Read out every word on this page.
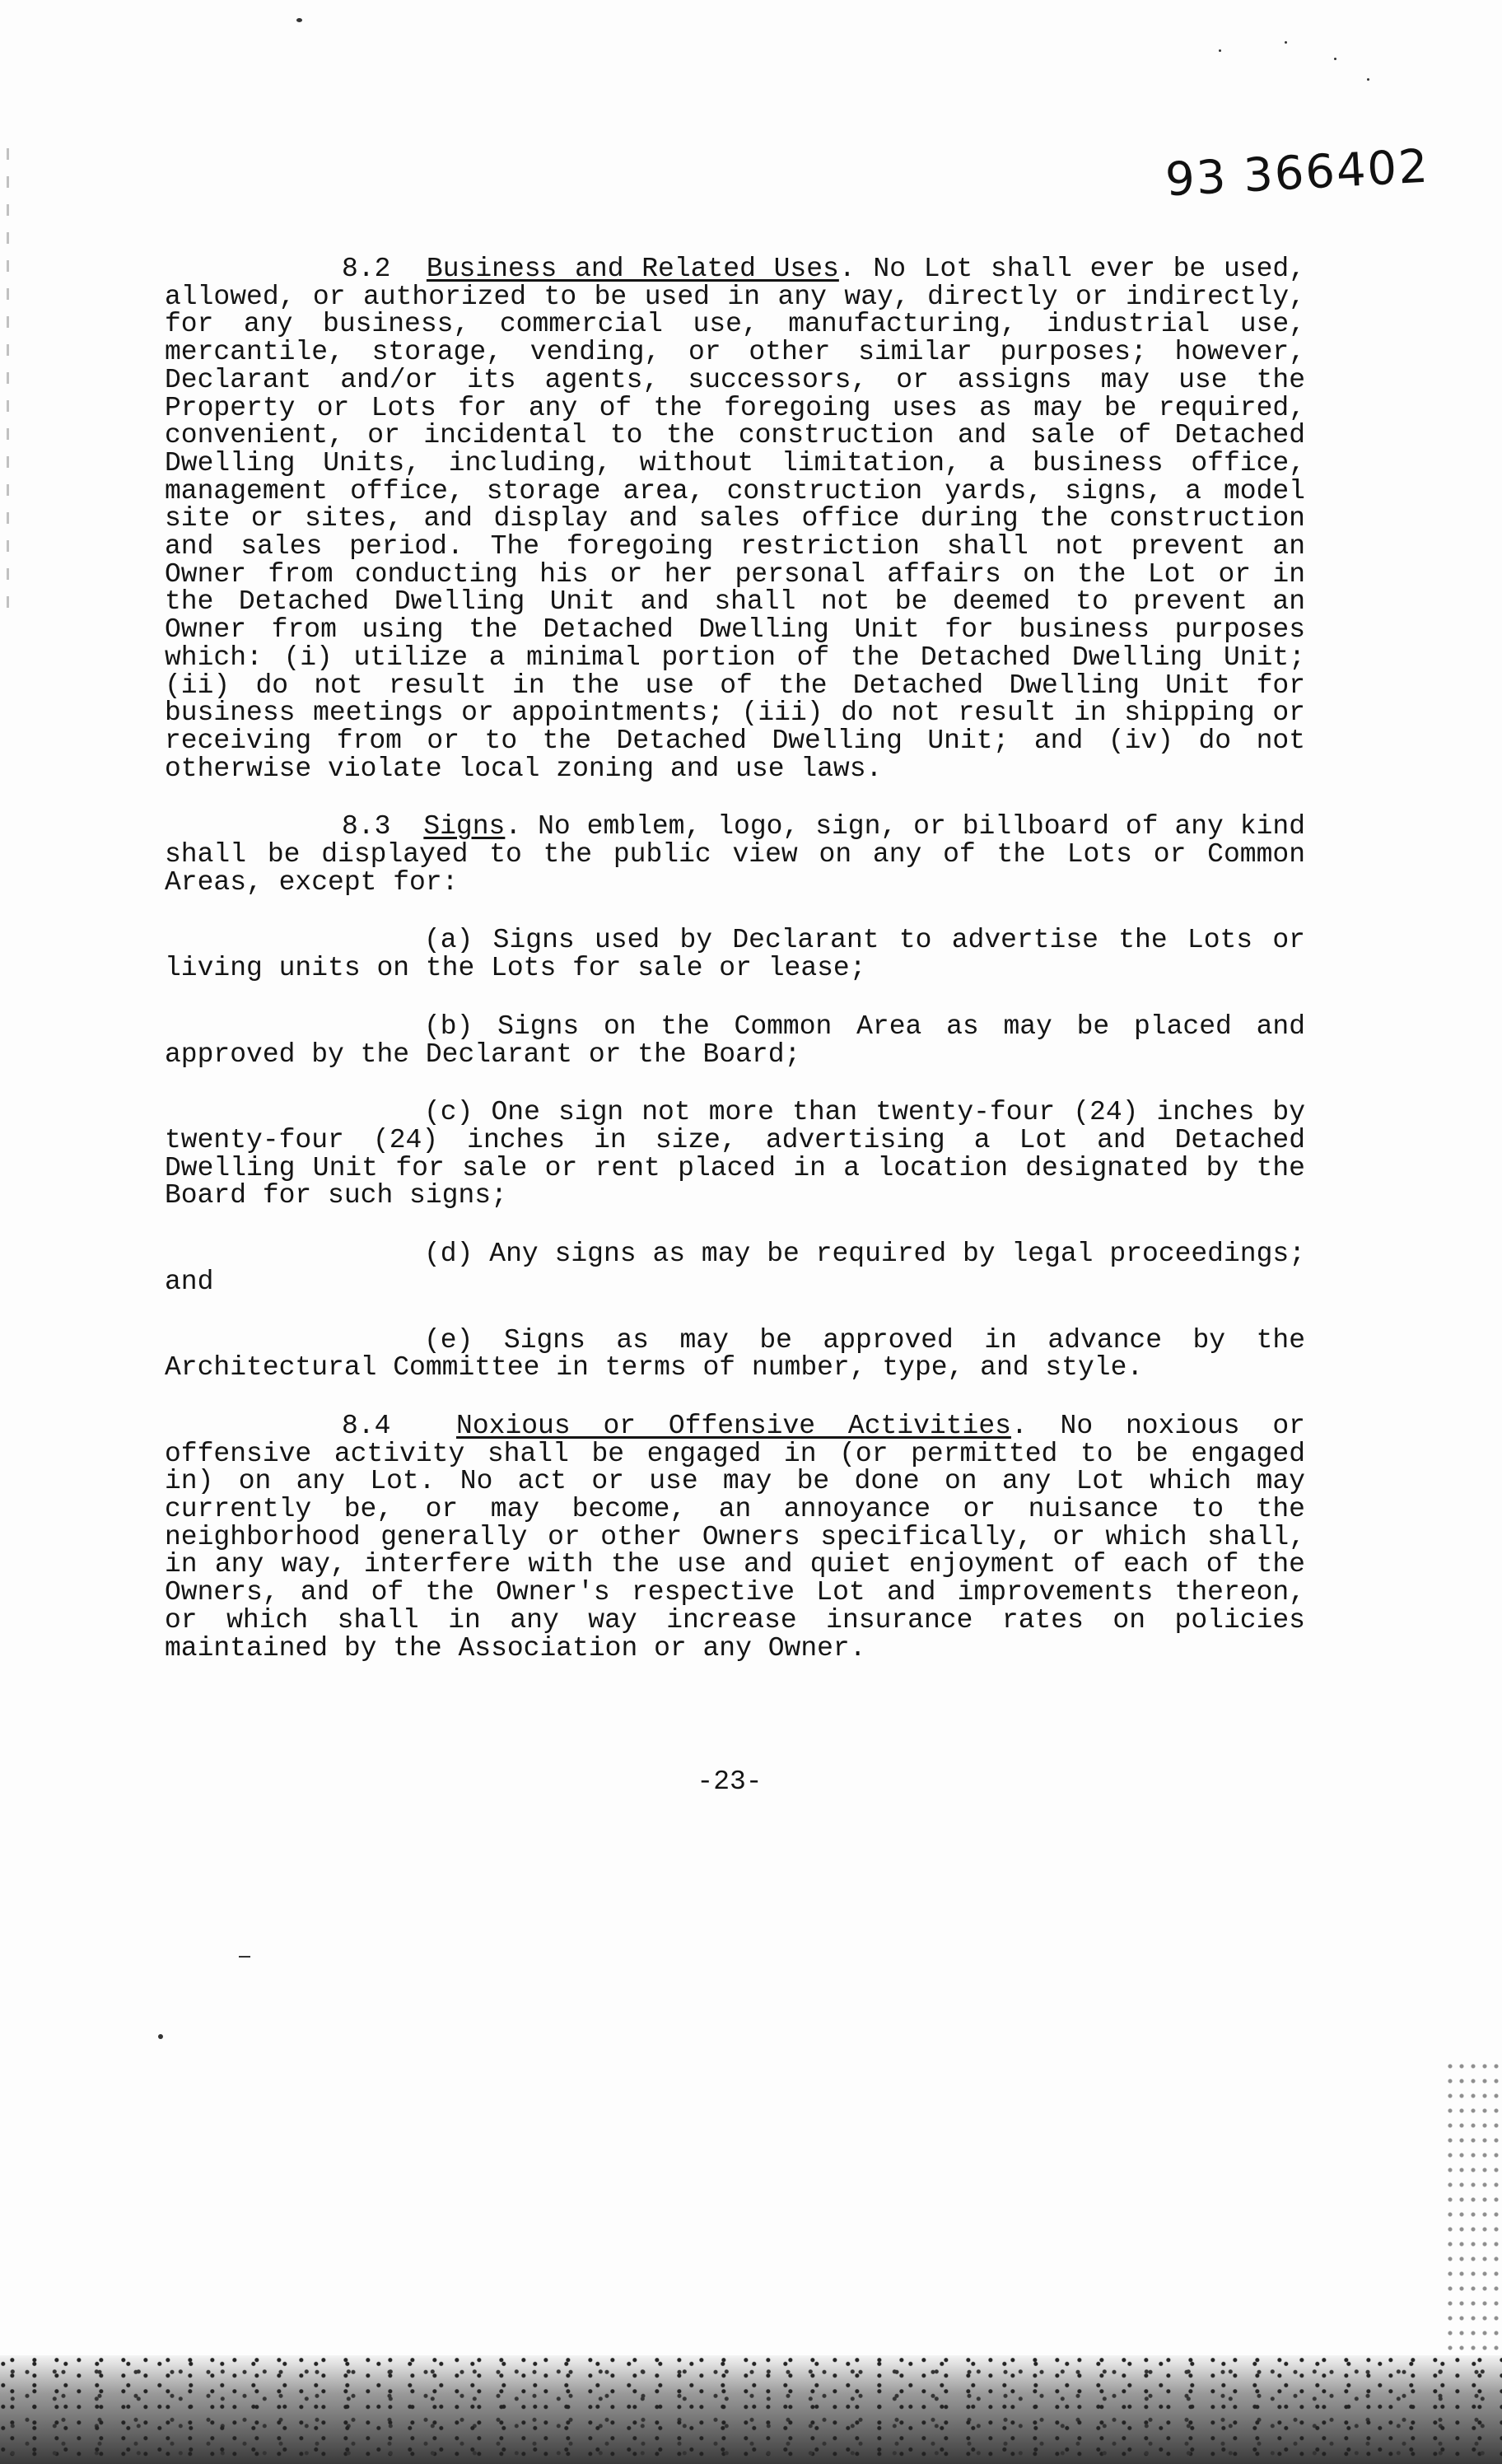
93 366402

8.2 Business and Related Uses. No Lot shall ever be used, allowed, or authorized to be used in any way, directly or indirectly, for any business, commercial use, manufacturing, industrial use, mercantile, storage, vending, or other similar purposes; however, Declarant and/or its agents, successors, or assigns may use the Property or Lots for any of the foregoing uses as may be required, convenient, or incidental to the construction and sale of Detached Dwelling Units, including, without limitation, a business office, management office, storage area, construction yards, signs, a model site or sites, and display and sales office during the construction and sales period. The foregoing restriction shall not prevent an Owner from conducting his or her personal affairs on the Lot or in the Detached Dwelling Unit and shall not be deemed to prevent an Owner from using the Detached Dwelling Unit for business purposes which: (i) utilize a minimal portion of the Detached Dwelling Unit; (ii) do not result in the use of the Detached Dwelling Unit for business meetings or appointments; (iii) do not result in shipping or receiving from or to the Detached Dwelling Unit; and (iv) do not otherwise violate local zoning and use laws.

8.3 Signs. No emblem, logo, sign, or billboard of any kind shall be displayed to the public view on any of the Lots or Common Areas, except for:

(a) Signs used by Declarant to advertise the Lots or living units on the Lots for sale or lease;

(b) Signs on the Common Area as may be placed and approved by the Declarant or the Board;

(c) One sign not more than twenty-four (24) inches by twenty-four (24) inches in size, advertising a Lot and Detached Dwelling Unit for sale or rent placed in a location designated by the Board for such signs;

(d) Any signs as may be required by legal proceedings; and

(e) Signs as may be approved in advance by the Architectural Committee in terms of number, type, and style.

8.4 Noxious or Offensive Activities. No noxious or offensive activity shall be engaged in (or permitted to be engaged in) on any Lot. No act or use may be done on any Lot which may currently be, or may become, an annoyance or nuisance to the neighborhood generally or other Owners specifically, or which shall, in any way, interfere with the use and quiet enjoyment of each of the Owners, and of the Owner's respective Lot and improvements thereon, or which shall in any way increase insurance rates on policies maintained by the Association or any Owner.

-23-
